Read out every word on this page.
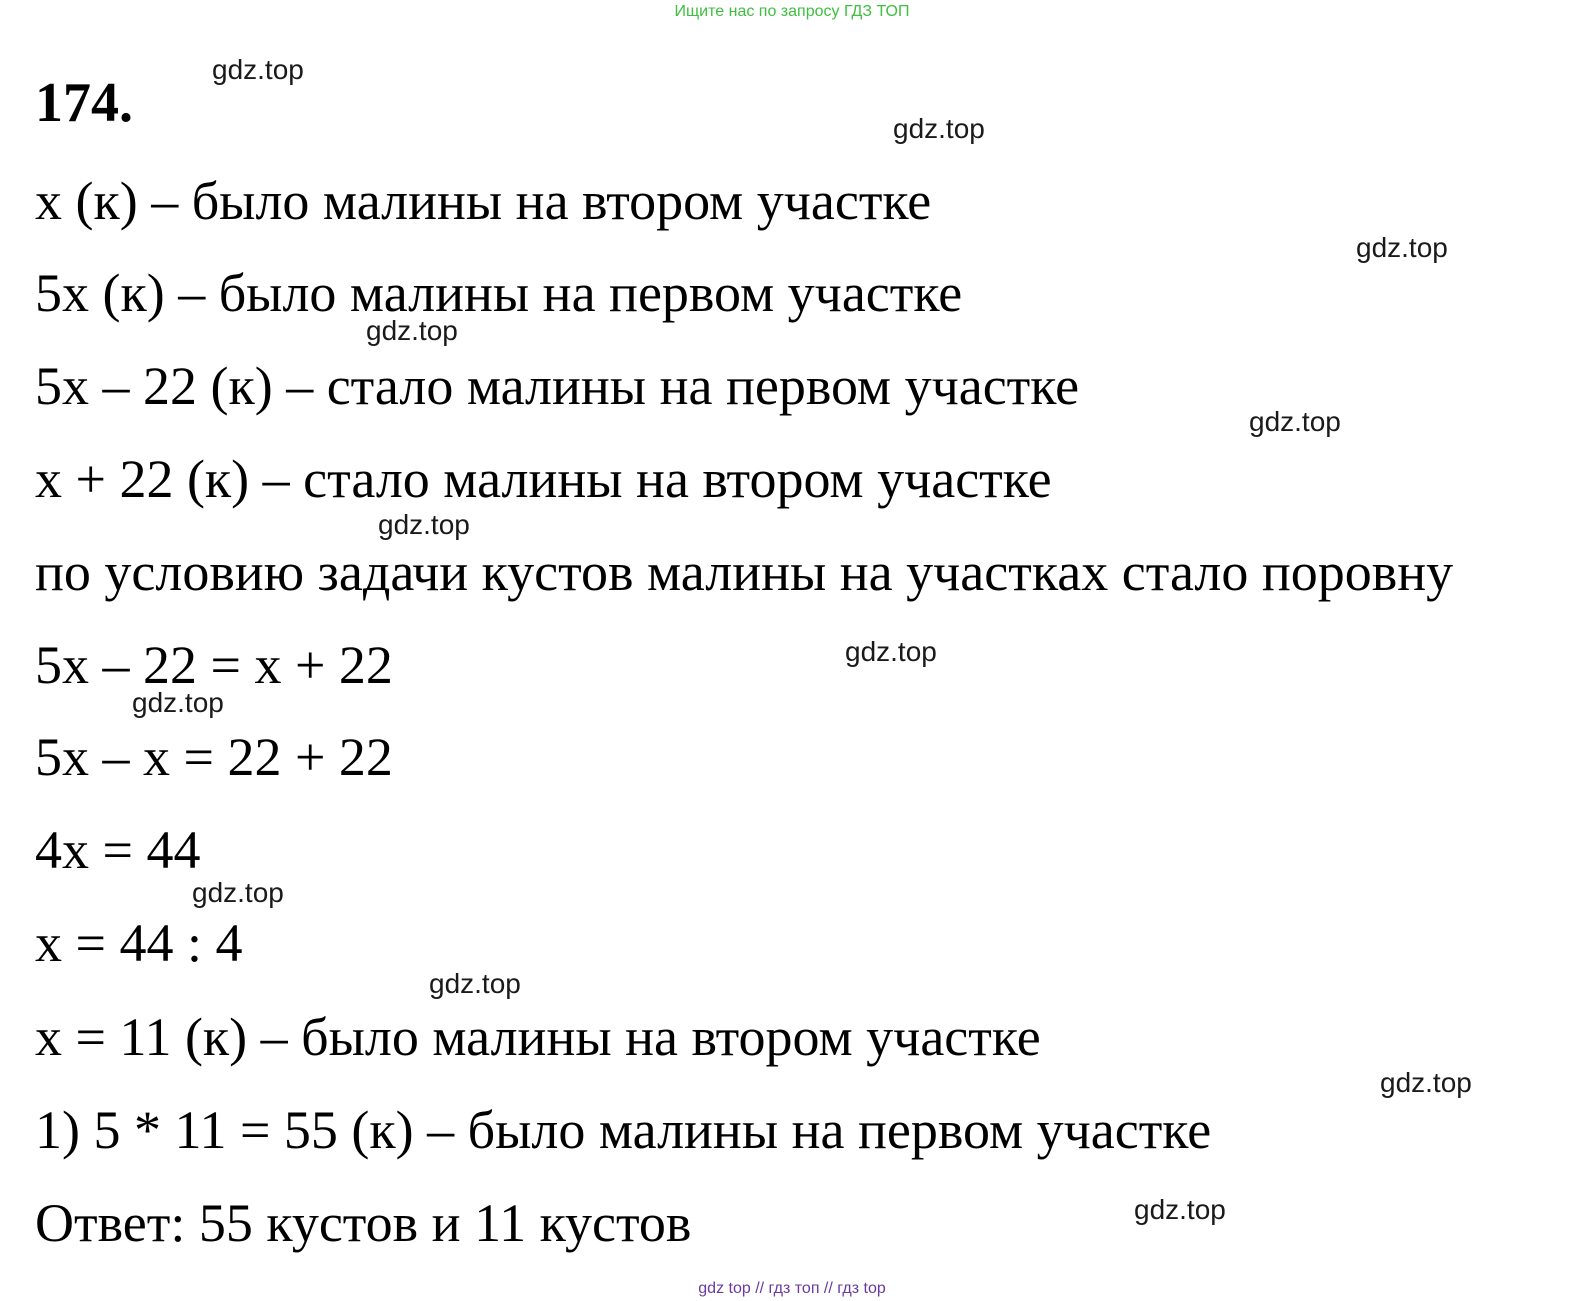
Ищите нас по запросу ГДЗ ТОП
174.
x (к) – было малины на втором участке
5x (к) – было малины на первом участке
5x – 22 (к) – стало малины на первом участке
x + 22 (к) – стало малины на втором участке
по условию задачи кустов малины на участках стало поровну
5x – 22 = x + 22
5x – x = 22 + 22
4x = 44
x = 44 : 4
x = 11 (к) – было малины на втором участке
1) 5 * 11 = 55 (к) – было малины на первом участке
Ответ: 55 кустов и 11 кустов
gdz.top
gdz.top
gdz.top
gdz.top
gdz.top
gdz.top
gdz.top
gdz.top
gdz.top
gdz.top
gdz.top
gdz.top
gdz top // гдз топ // гдз top
